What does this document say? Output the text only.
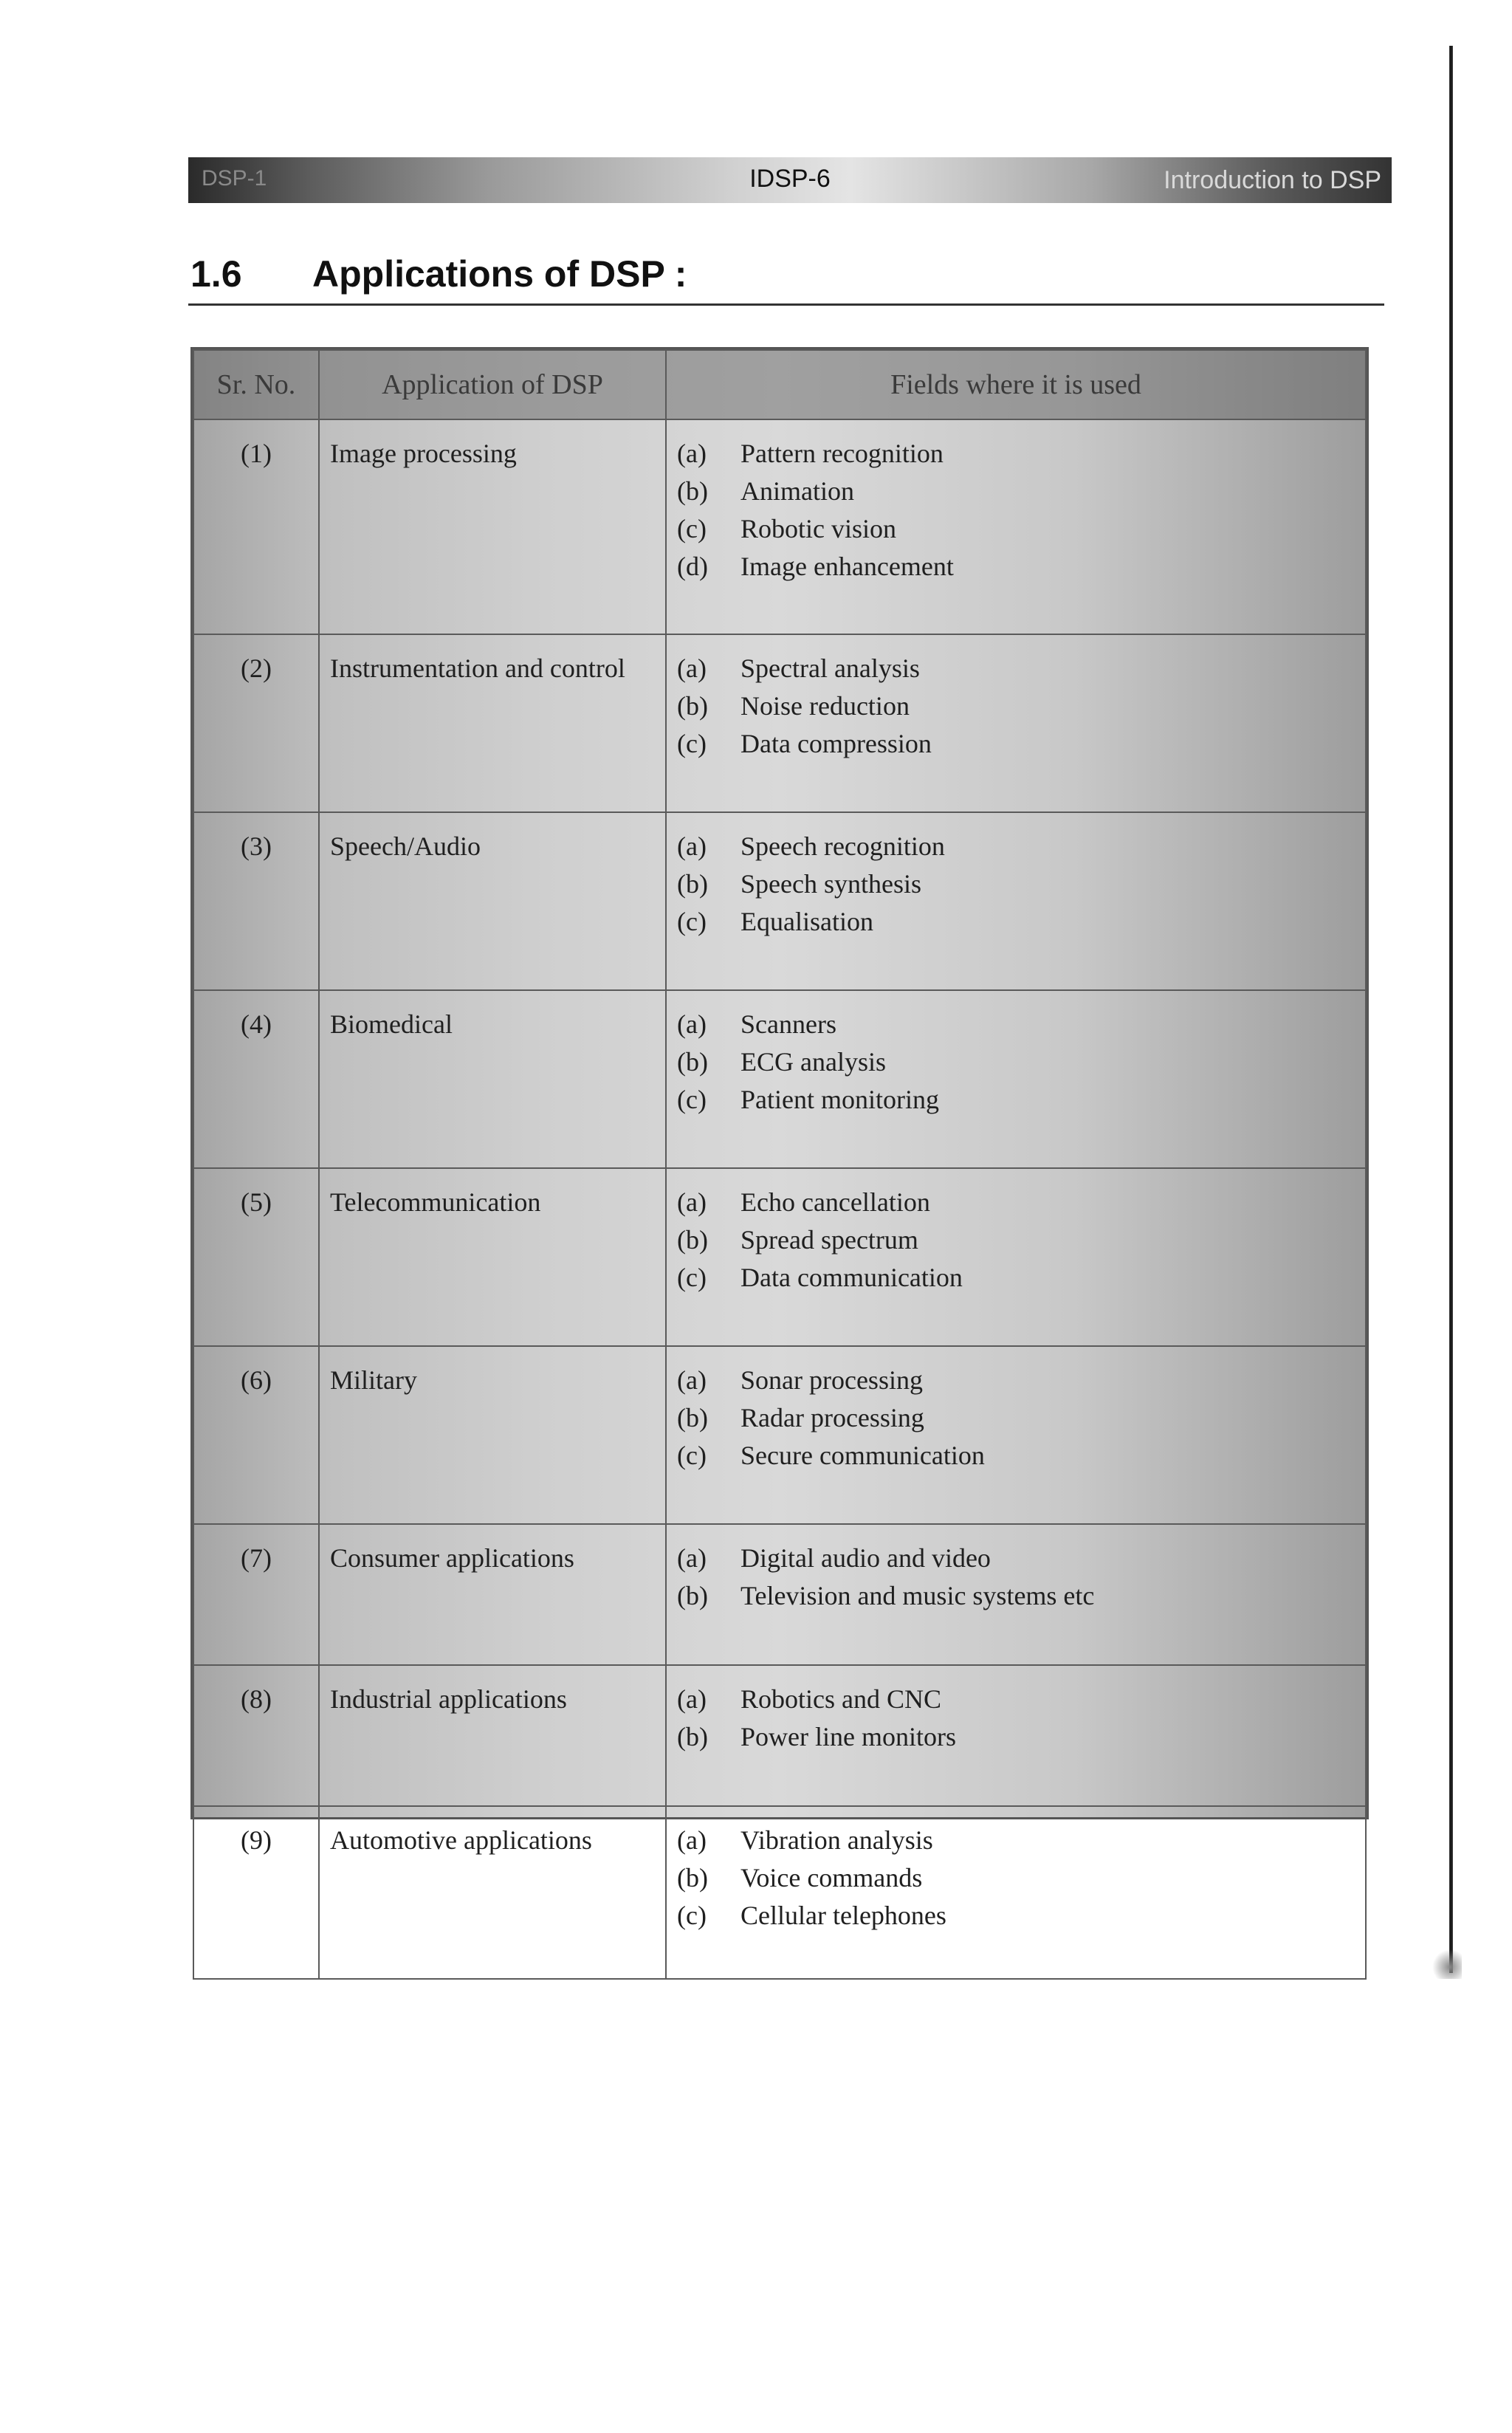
DSP-1	IDSP-6	Introduction to DSP
1.6 Applications of DSP :
Sr. No.	Application of DSP	Fields where it is used
(1)	Image processing	(a) Pattern recognition
(b) Animation
(c) Robotic vision
(d) Image enhancement

(2)	Instrumentation and control	(a) Spectral analysis
(b) Noise reduction
(c) Data compression

(3)	Speech/Audio	(a) Speech recognition
(b) Speech synthesis
(c) Equalisation

(4)	Biomedical	(a) Scanners
(b) ECG analysis
(c) Patient monitoring

(5)	Telecommunication	(a) Echo cancellation
(b) Spread spectrum
(c) Data communication

(6)	Military	(a) Sonar processing
(b) Radar processing
(c) Secure communication

(7)	Consumer applications	(a) Digital audio and video
(b) Television and music systems etc

(8)	Industrial applications	(a) Robotics and CNC
(b) Power line monitors

(9)	Automotive applications	(a) Vibration analysis
(b) Voice commands
(c) Cellular telephones
